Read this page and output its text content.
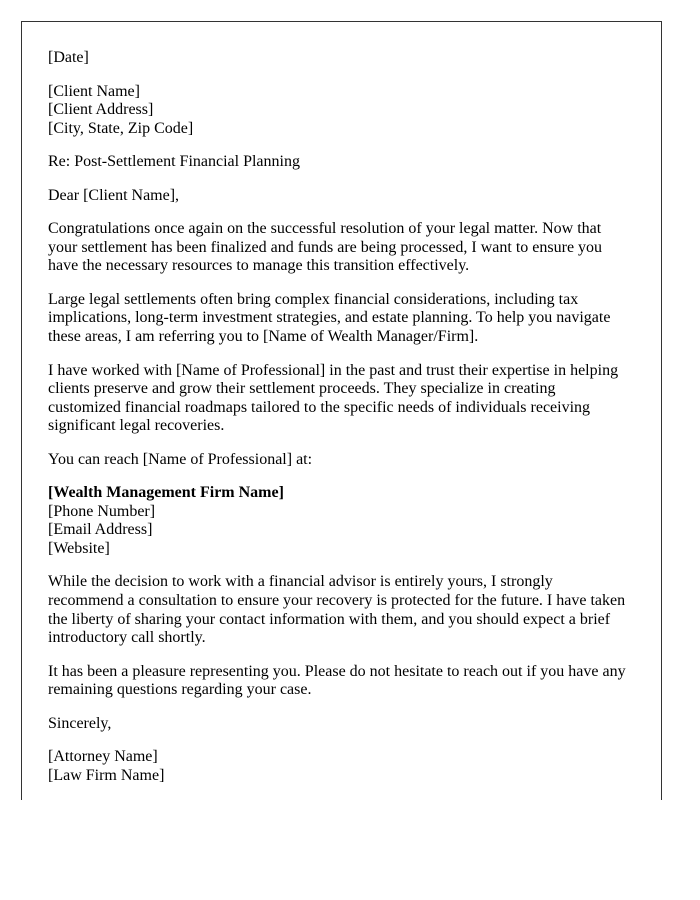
[Date]

[Client Name]
[Client Address]
[City, State, Zip Code]

Re: Post-Settlement Financial Planning

Dear [Client Name],

Congratulations once again on the successful resolution of your legal matter. Now that your settlement has been finalized and funds are being processed, I want to ensure you have the necessary resources to manage this transition effectively.

Large legal settlements often bring complex financial considerations, including tax implications, long-term investment strategies, and estate planning. To help you navigate these areas, I am referring you to [Name of Wealth Manager/Firm].

I have worked with [Name of Professional] in the past and trust their expertise in helping clients preserve and grow their settlement proceeds. They specialize in creating customized financial roadmaps tailored to the specific needs of individuals receiving significant legal recoveries.

You can reach [Name of Professional] at:

[Wealth Management Firm Name]
[Phone Number]
[Email Address]
[Website]

While the decision to work with a financial advisor is entirely yours, I strongly recommend a consultation to ensure your recovery is protected for the future. I have taken the liberty of sharing your contact information with them, and you should expect a brief introductory call shortly.

It has been a pleasure representing you. Please do not hesitate to reach out if you have any remaining questions regarding your case.

Sincerely,

[Attorney Name]
[Law Firm Name]
